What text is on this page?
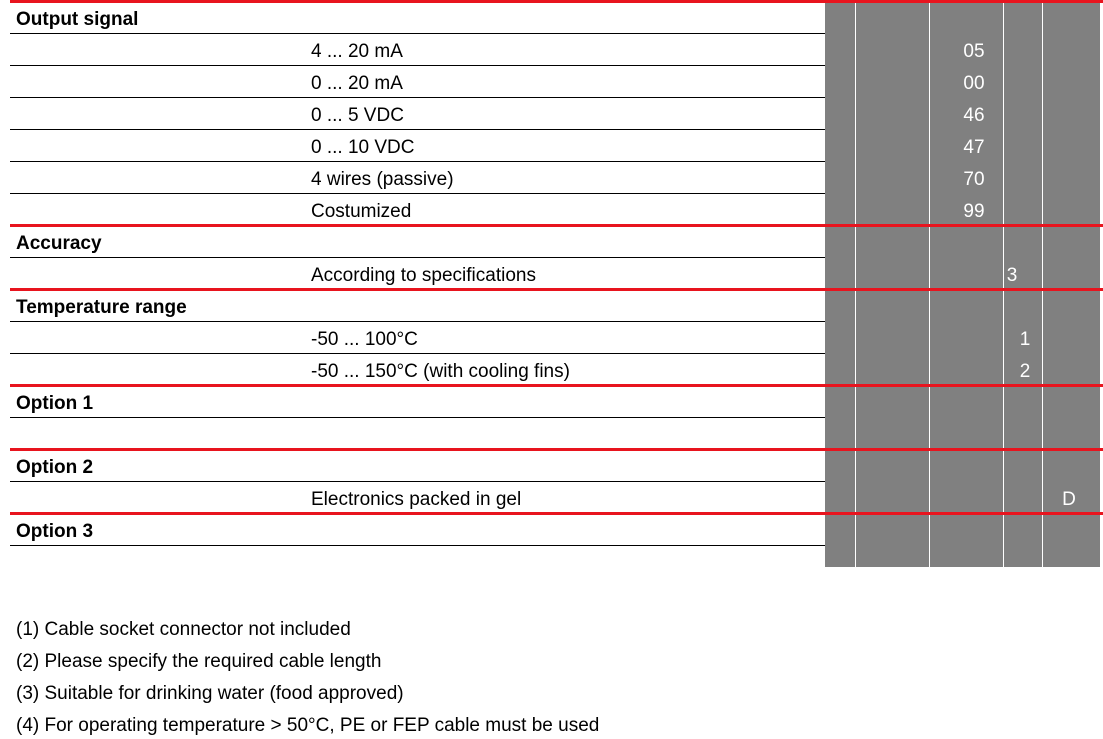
Output signal
4 ... 20 mA	05
0 ... 20 mA	00
0 ... 5 VDC	46
0 ... 10 VDC	47
4 wires (passive)	70
Costumized	99
Accuracy
According to specifications	3
Temperature range
-50 ... 100°C	1
-50 ... 150°C (with cooling fins)	2
Option 1
Option 2
Electronics packed in gel	D
Option 3
(1) Cable socket connector not included
(2) Please specify the required cable length
(3) Suitable for drinking water (food approved)
(4) For operating temperature > 50°C, PE or FEP cable must be used
